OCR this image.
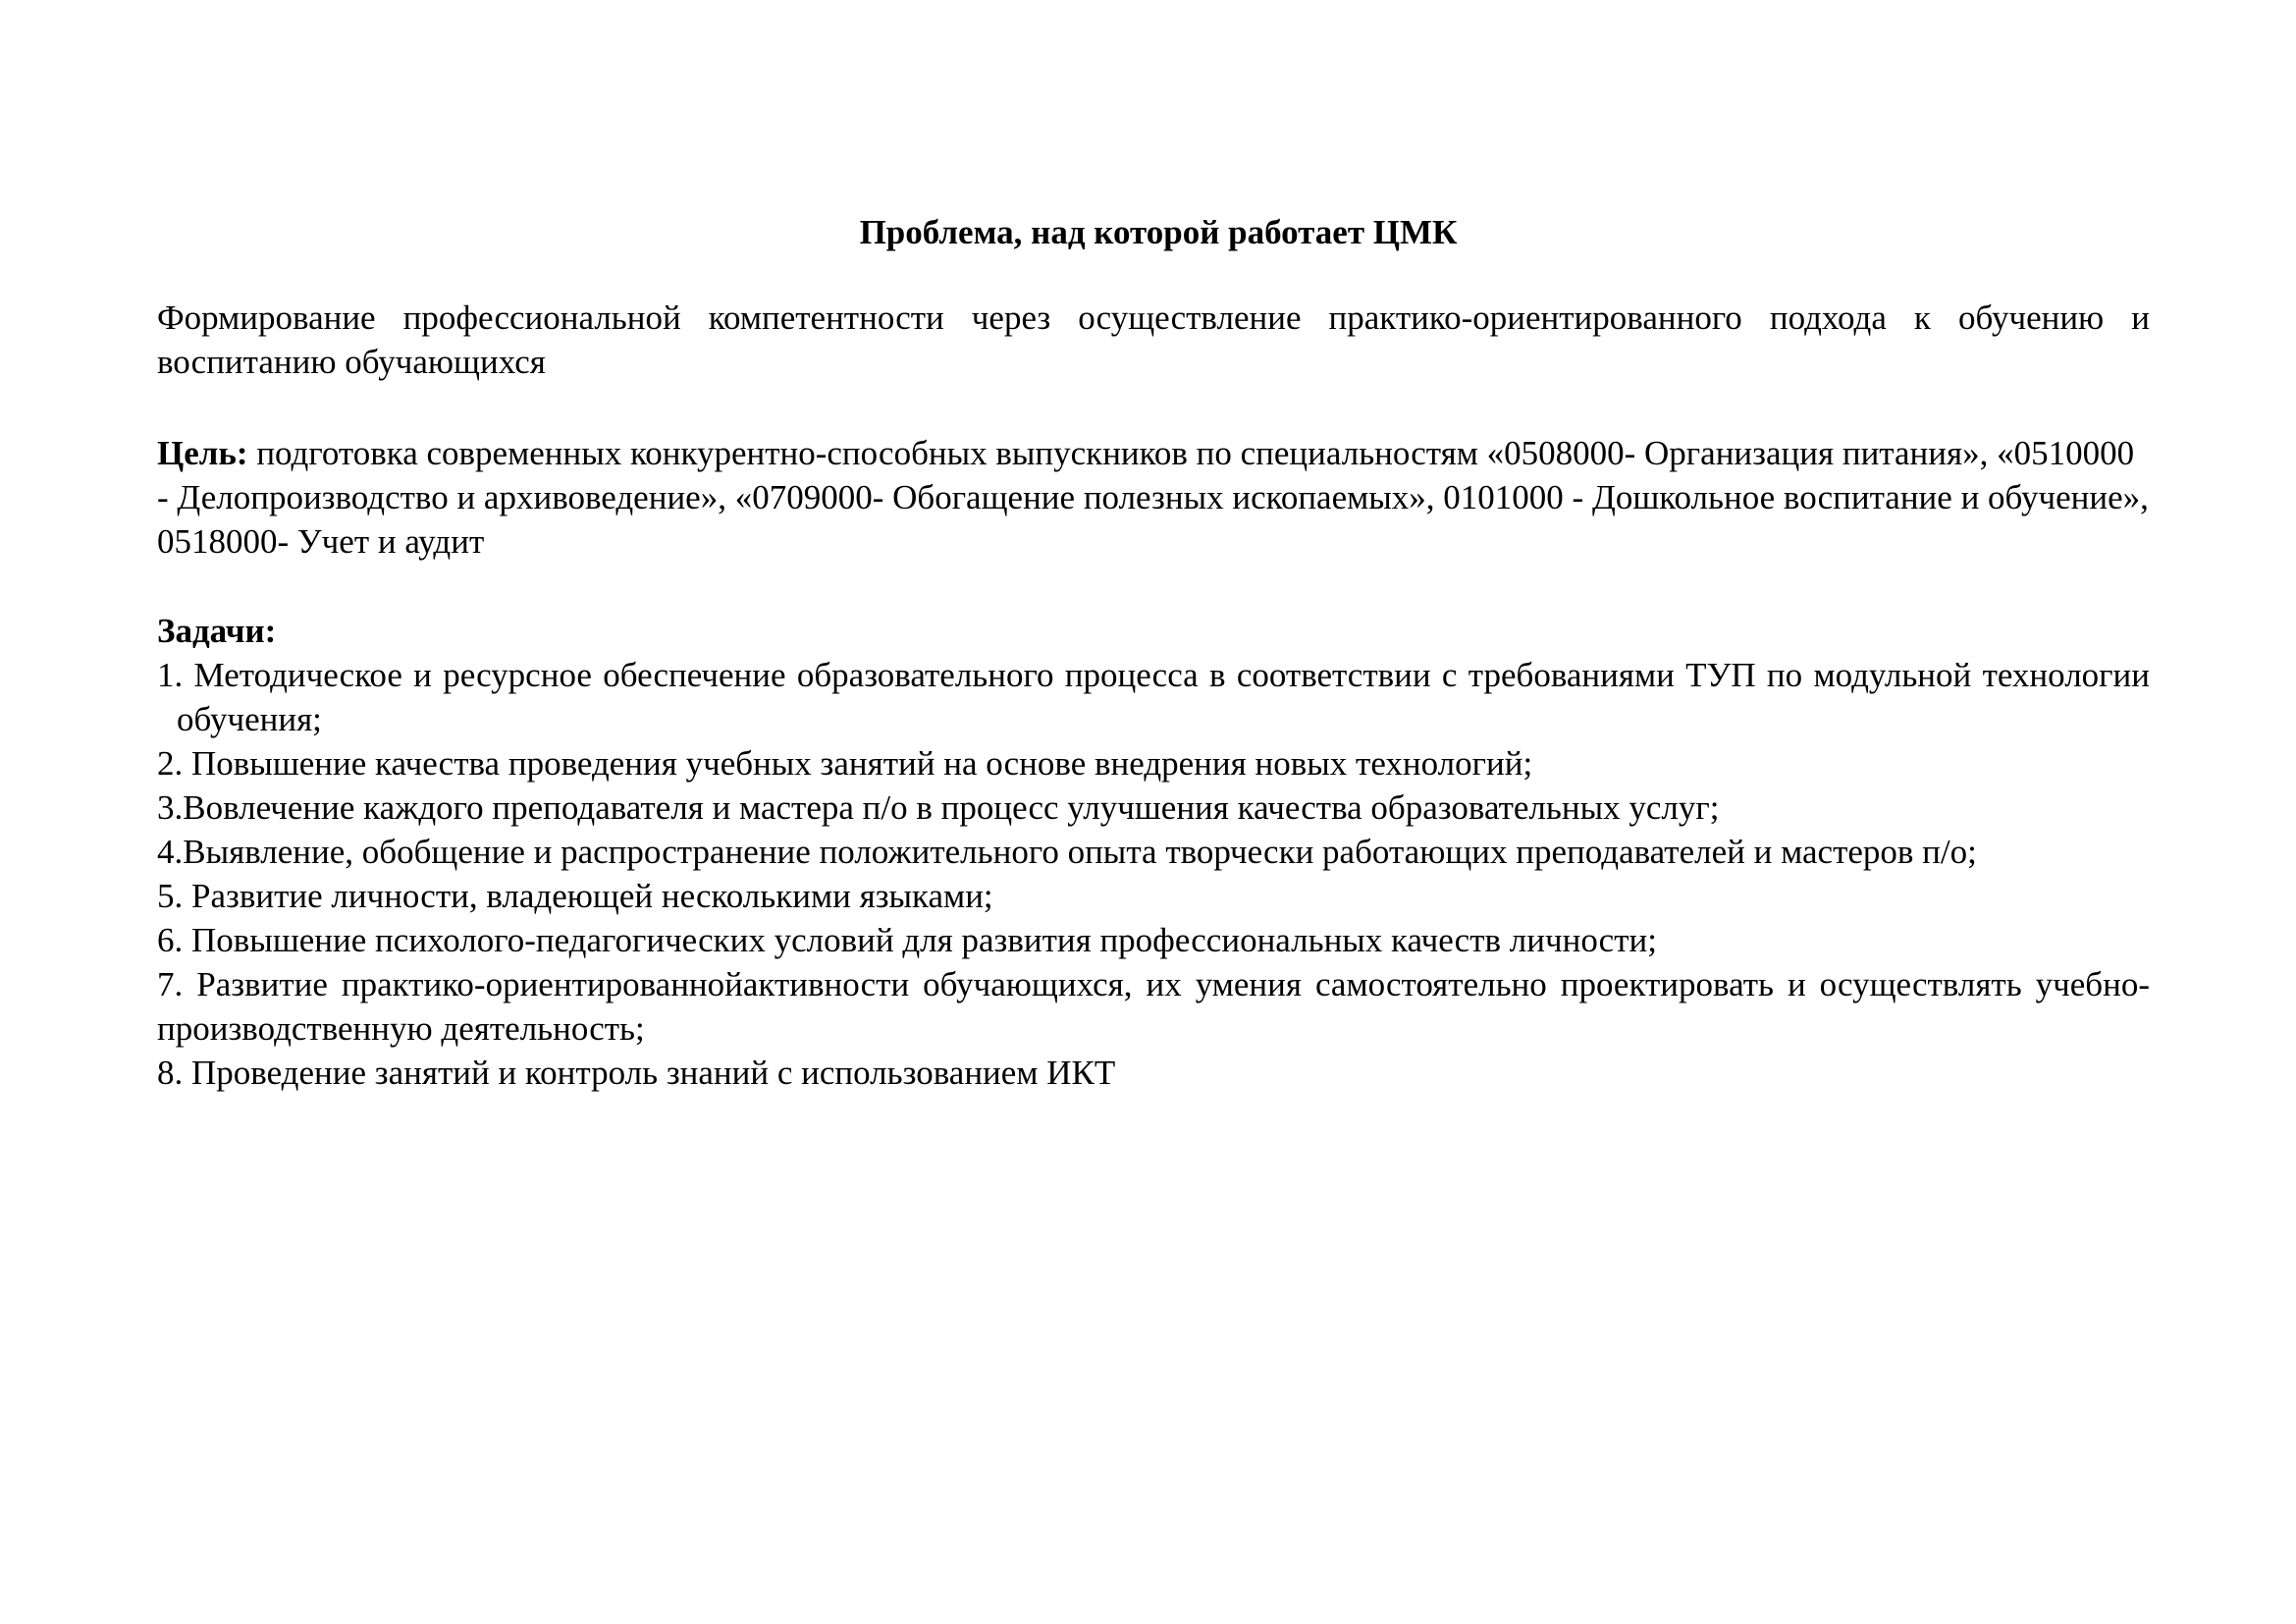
Проблема, над которой работает ЦМК
Формирование профессиональной компетентности через осуществление практико-ориентированного подхода к обучению и воспитанию обучающихся
Цель: подготовка современных конкурентно-способных выпускников по специальностям «0508000- Организация питания», «0510000 - Делопроизводство и архивоведение», «0709000- Обогащение полезных ископаемых», 0101000 - Дошкольное воспитание и обучение», 0518000- Учет и аудит
Задачи:
1. Методическое и ресурсное обеспечение образовательного процесса в соответствии с требованиями ТУП по модульной технологии обучения;
2. Повышение качества проведения учебных занятий на основе внедрения новых технологий;
3.Вовлечение каждого преподавателя и мастера п/о в процесс улучшения качества образовательных услуг;
4.Выявление, обобщение и распространение положительного опыта творчески работающих преподавателей и мастеров п/о;
5. Развитие личности, владеющей несколькими языками;
6. Повышение психолого-педагогических условий для развития профессиональных качеств личности;
7. Развитие практико-ориентированнойактивности обучающихся, их умения самостоятельно проектировать и осуществлять учебно- производственную деятельность;
8. Проведение занятий и контроль знаний с использованием ИКТ
